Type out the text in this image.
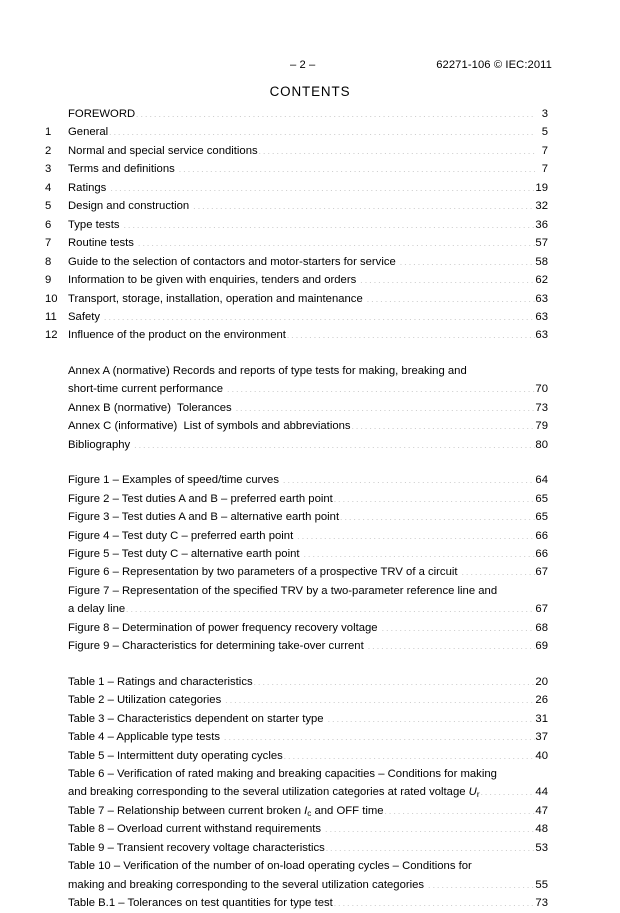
– 2 –	62271-106 © IEC:2011
CONTENTS
FOREWORD .....	3
1	General .....	5
2	Normal and special service conditions .....	7
3	Terms and definitions .....	7
4	Ratings .....	19
5	Design and construction .....	32
6	Type tests .....	36
7	Routine tests .....	57
8	Guide to the selection of contactors and motor-starters for service .....	58
9	Information to be given with enquiries, tenders and orders .....	62
10 Transport, storage, installation, operation and maintenance .....	63
11 Safety .....	63
12 Influence of the product on the environment .....	63
Annex A (normative) Records and reports of type tests for making, breaking and
short-time current performance .....	70
Annex B (normative)  Tolerances .....	73
Annex C (informative)  List of symbols and abbreviations .....	79
Bibliography .....	80
Figure 1 – Examples of speed/time curves .....	64
Figure 2 – Test duties A and B – preferred earth point .....	65
Figure 3 – Test duties A and B – alternative earth point .....	65
Figure 4 – Test duty C – preferred earth point .....	66
Figure 5 – Test duty C – alternative earth point .....	66
Figure 6 – Representation by two parameters of a prospective TRV of a circuit .....	67
Figure 7 – Representation of the specified TRV by a two-parameter reference line and
a delay line .....	67
Figure 8 – Determination of power frequency recovery voltage .....	68
Figure 9 – Characteristics for determining take-over current .....	69
Table 1 – Ratings and characteristics .....	20
Table 2 – Utilization categories .....	26
Table 3 – Characteristics dependent on starter type .....	31
Table 4 – Applicable type tests .....	37
Table 5 – Intermittent duty operating cycles .....	40
Table 6 – Verification of rated making and breaking capacities – Conditions for making
and breaking corresponding to the several utilization categories at rated voltage $U_r$ .....	44
Table 7 – Relationship between current broken $I_c$ and OFF time .....	47
Table 8 – Overload current withstand requirements .....	48
Table 9 – Transient recovery voltage characteristics .....	53
Table 10 – Verification of the number of on-load operating cycles – Conditions for
making and breaking corresponding to the several utilization categories .....	55
Table B.1 – Tolerances on test quantities for type test .....	73
